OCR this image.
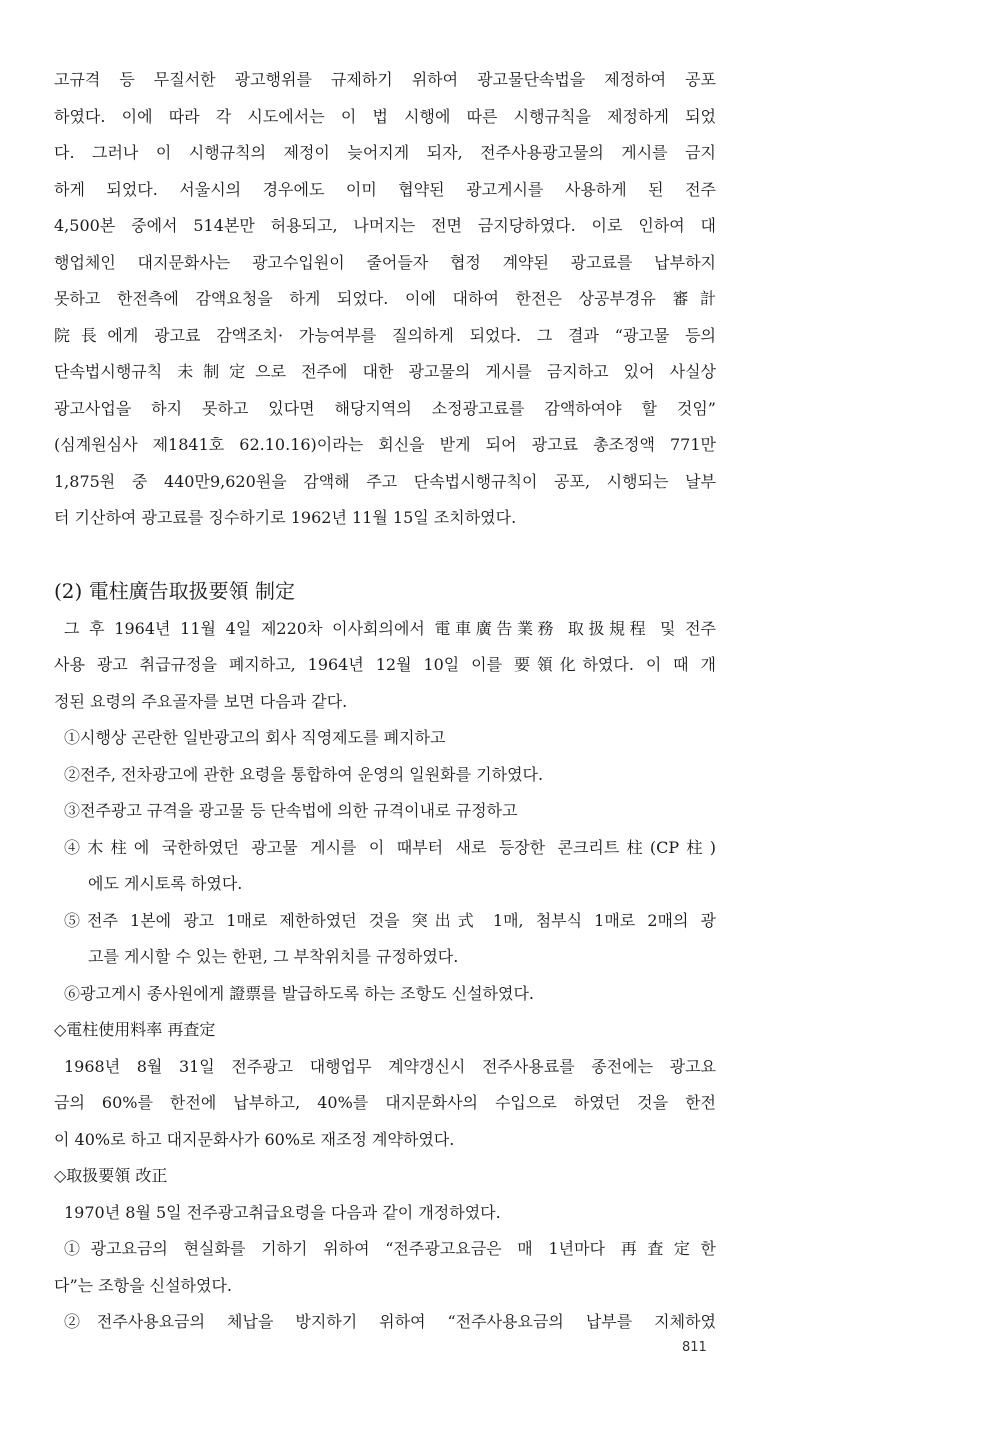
고규격 등 무질서한 광고행위를 규제하기 위하여 광고물단속법을 제정하여 공포
하였다. 이에 따라 각 시도에서는 이 법 시행에 따른 시행규칙을 제정하게 되었
다. 그러나 이 시행규칙의 제정이 늦어지게 되자, 전주사용광고물의 게시를 금지
하게 되었다. 서울시의 경우에도 이미 협약된 광고게시를 사용하게 된 전주
4,500본 중에서 514본만 허용되고, 나머지는 전면 금지당하였다. 이로 인하여 대
행업체인 대지문화사는 광고수입원이 줄어들자 협정 계약된 광고료를 납부하지
못하고 한전측에 감액요청을 하게 되었다. 이에 대하여 한전은 상공부경유 審計
院長에게 광고료 감액조치· 가능여부를 질의하게 되었다. 그 결과 “광고물 등의
단속법시행규칙 未制定으로 전주에 대한 광고물의 게시를 금지하고 있어 사실상
광고사업을 하지 못하고 있다면 해당지역의 소정광고료를 감액하여야 할 것임”
(심계원심사 제1841호 62.10.16)이라는 회신을 받게 되어 광고료 총조정액 771만
1,875원 중 440만9,620원을 감액해 주고 단속법시행규칙이 공포, 시행되는 날부
터 기산하여 광고료를 징수하기로 1962년 11월 15일 조치하였다.
(2) 電柱廣告取扱要領 制定
그 후 1964년 11월 4일 제220차 이사회의에서 電車廣告業務 取扱規程 및 전주
사용 광고 취급규정을 폐지하고, 1964년 12월 10일 이를 要領化하였다. 이 때 개
정된 요령의 주요골자를 보면 다음과 같다.
①시행상 곤란한 일반광고의 회사 직영제도를 폐지하고
②전주, 전차광고에 관한 요령을 통합하여 운영의 일원화를 기하였다.
③전주광고 규격을 광고물 등 단속법에 의한 규격이내로 규정하고
④木柱에 국한하였던 광고물 게시를 이 때부터 새로 등장한 콘크리트柱(CP柱)
에도 게시토록 하였다.
⑤전주 1본에 광고 1매로 제한하였던 것을 突出式 1매, 첨부식 1매로 2매의 광
고를 게시할 수 있는 한편, 그 부착위치를 규정하였다.
⑥광고게시 종사원에게 證票를 발급하도록 하는 조항도 신설하였다.
◇電柱使用料率 再査定
1968년 8월 31일 전주광고 대행업무 계약갱신시 전주사용료를 종전에는 광고요
금의 60%를 한전에 납부하고, 40%를 대지문화사의 수입으로 하였던 것을 한전
이 40%로 하고 대지문화사가 60%로 재조정 계약하였다.
◇取扱要領 改正
1970년 8월 5일 전주광고취급요령을 다음과 같이 개정하였다.
①광고요금의 현실화를 기하기 위하여 “전주광고요금은 매 1년마다 再査定한
다”는 조항을 신설하였다.
②전주사용요금의 체납을 방지하기 위하여 “전주사용요금의 납부를 지체하였
811
